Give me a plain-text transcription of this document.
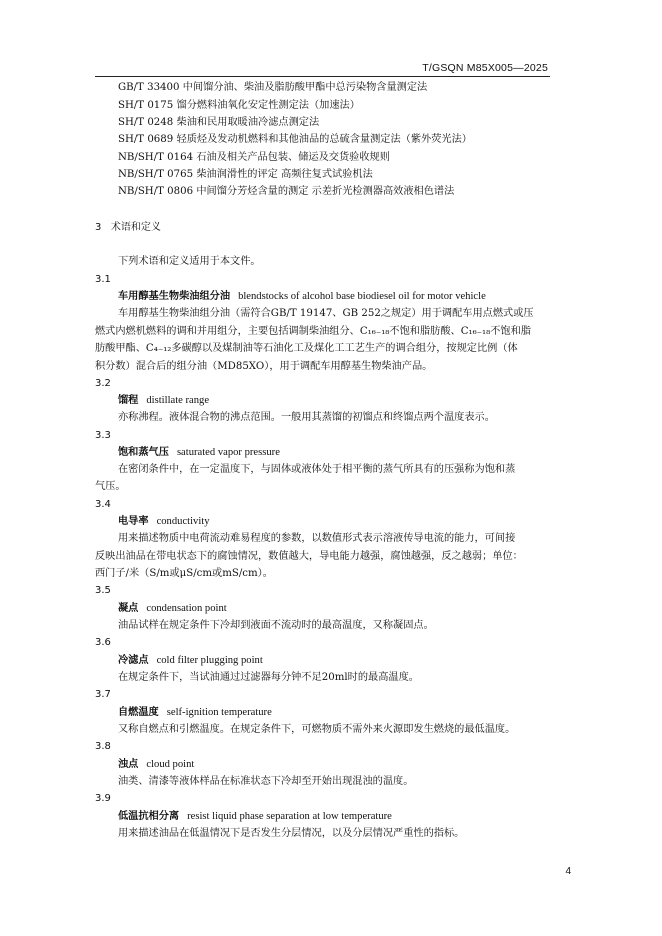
T/GSQN M85X005—2025
GB/T 33400 中间馏分油、柴油及脂肪酸甲酯中总污染物含量测定法
SH/T 0175 馏分燃料油氧化安定性测定法（加速法）
SH/T 0248 柴油和民用取暖油冷滤点测定法
SH/T 0689 轻质烃及发动机燃料和其他油品的总硫含量测定法（紫外荧光法）
NB/SH/T 0164 石油及相关产品包装、储运及交货验收规则
NB/SH/T 0765 柴油润滑性的评定 高频往复式试验机法
NB/SH/T 0806 中间馏分芳烃含量的测定 示差折光检测器高效液相色谱法
3 术语和定义
下列术语和定义适用于本文件。
3.1
车用醇基生物柴油组分油 blendstocks of alcohol base biodiesel oil for motor vehicle
车用醇基生物柴油组分油（需符合GB/T 19147、GB 252之规定）用于调配车用点燃式或压
燃式内燃机燃料的调和并用组分，主要包括调制柴油组分、C₁₆₋₁₈不饱和脂肪酸、C₁₆₋₁₈不饱和脂
肪酸甲酯、C₄₋₁₂多碳醇以及煤制油等石油化工及煤化工工艺生产的调合组分，按规定比例（体
积分数）混合后的组分油（MD85XO），用于调配车用醇基生物柴油产品。
3.2
馏程 distillate range
亦称沸程。液体混合物的沸点范围。一般用其蒸馏的初馏点和终馏点两个温度表示。
3.3
饱和蒸气压 saturated vapor pressure
在密闭条件中，在一定温度下，与固体或液体处于相平衡的蒸气所具有的压强称为饱和蒸
气压。
3.4
电导率 conductivity
用来描述物质中电荷流动难易程度的参数，以数值形式表示溶液传导电流的能力，可间接
反映出油品在带电状态下的腐蚀情况，数值越大，导电能力越强，腐蚀越强，反之越弱；单位：
西门子/米（S/m或μS/cm或mS/cm）。
3.5
凝点 condensation point
油品试样在规定条件下冷却到液面不流动时的最高温度，又称凝固点。
3.6
冷滤点 cold filter plugging point
在规定条件下，当试油通过过滤器每分钟不足20ml时的最高温度。
3.7
自燃温度 self-ignition temperature
又称自燃点和引燃温度。在规定条件下，可燃物质不需外来火源即发生燃烧的最低温度。
3.8
浊点 cloud point
油类、清漆等液体样品在标准状态下冷却至开始出现混浊的温度。
3.9
低温抗相分离 resist liquid phase separation at low temperature
用来描述油品在低温情况下是否发生分层情况，以及分层情况严重性的指标。
4
